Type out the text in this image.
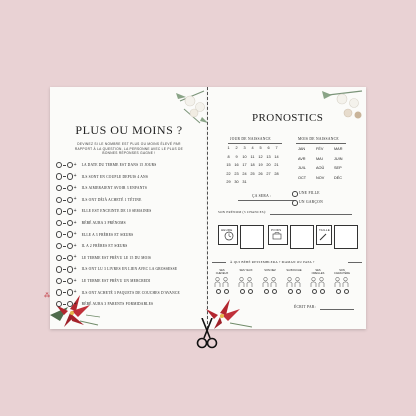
PLUS OU MOINS ?
DEVINEZ SI LE NOMBRE EST PLUS OU MOINS ÉLEVÉ PAR RAPPORT À LA QUESTION. LA PERSONNE AVEC LE PLUS DE BONNES RÉPONSES GAGNE !
+ LA DATE DU TERME EST DANS 15 JOURS
+ ILS SONT EN COUPLE DEPUIS 4 ANS
+ ILS AIMERAIENT AVOIR 3 ENFANTS
+ ILS ONT DÉJÀ ACHETÉ 1 TÉTINE
+ ELLE EST ENCEINTE DE 10 SEMAINES
+ BÉBÉ AURA 3 PRÉNOMS
+ ELLE A 3 FRÈRES ET SŒURS
+ IL A 2 FRÈRES ET SŒURS
+ LE TERME EST PRÉVU LE 15 DU MOIS
+ ILS ONT LU 3 LIVRES EN LIEN AVEC LA GROSSESSE
+ LE TERME EST PRÉVU UN MERCREDI
+ ILS ONT ACHETÉ 3 PAQUETS DE COUCHES D'AVANCE
+ BÉBÉ AURA 3 PARENTS FORMIDABLES
⁂
PRONOSTICS
JOUR DE NAISSANCE	MOIS DE NAISSANCE
1	2	3	4	5	6	7
8	9	10	11	12 13 14
15 16 17 18 19 20 21
22 23 24 25 26 27 28
29 30 31
JAN	FÉV	MAR
AVR	MAI	JUIN
JUIL	AOÛ	SEP
OCT	NOV	DÉC
ÇA SERA :
UNE FILLE
UN GARÇON
SON PRÉNOM (3 CHANCES):
HEURE	POIDS	TAILLE
À QUI BÉBÉ RESSEMBLERA ? MAMAN OU PAPA ?
SES CHEVEUX
SES YEUX	SON NEZ	SA BOUCHE	SES OREILLES
SON CARACTÈRE
ÉCRIT PAR:
